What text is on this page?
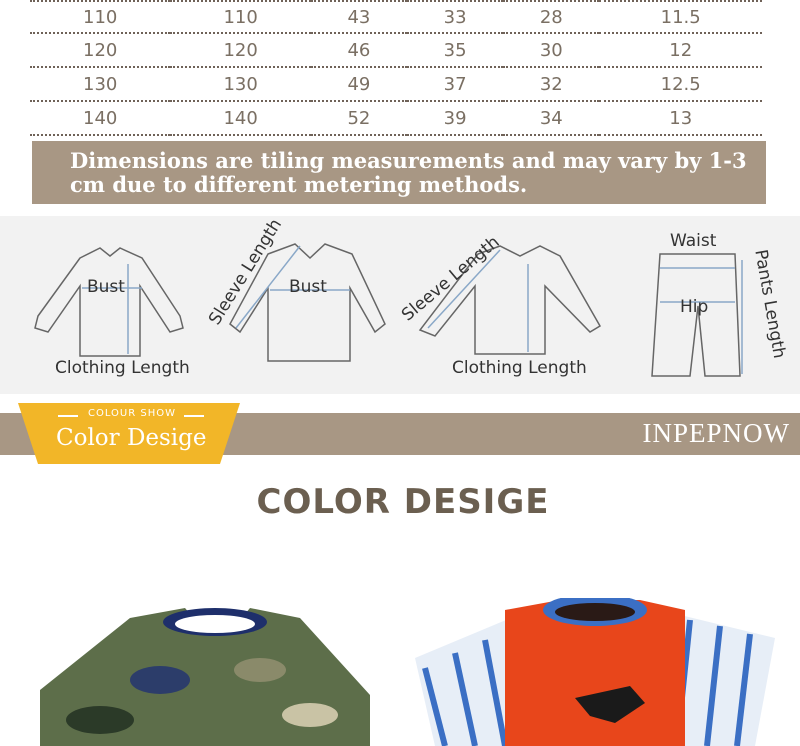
110	110	43	33	28	11.5
120	120	46	35	30	12
130	130	49	37	32	12.5
140	140	52	39	34	13

Dimensions are tiling measurements and may vary by 1-3 cm due to different metering methods.

Bust
Clothing Length
Bust
Sleeve Length	Sleeve Length
Clothing Length
Waist
Hip Pants Length
COLOUR SHOW
Color Desige	INPEPNOW
COLOR DESIGE
